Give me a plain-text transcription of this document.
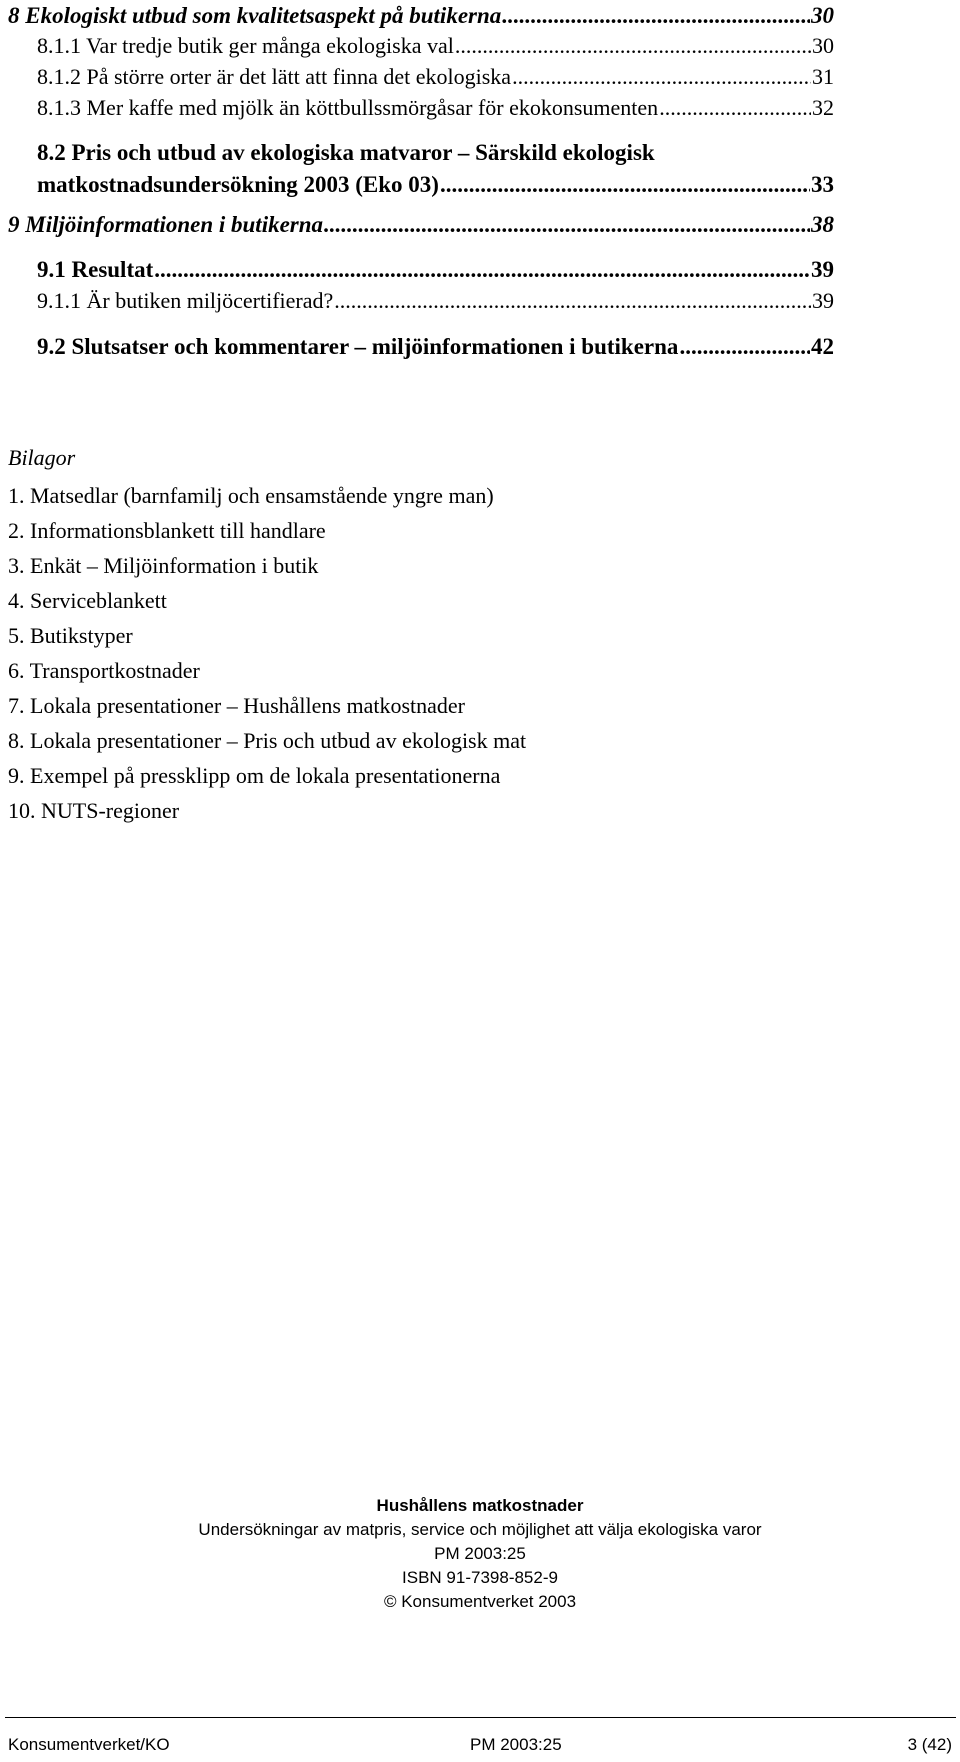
8 Ekologiskt utbud som kvalitetsaspekt på butikerna .....	30
8.1.1 Var tredje butik ger många ekologiska val .....	30
8.1.2 På större orter är det lätt att finna det ekologiska .....	31
8.1.3 Mer kaffe med mjölk än köttbullssmörgåsar för ekokonsumenten .....	32
8.2 Pris och utbud av ekologiska matvaror – Särskild ekologisk
matkostnadsundersökning 2003 (Eko 03) .....	33
9 Miljöinformationen i butikerna .....	38
9.1 Resultat .....	39
9.1.1 Är butiken miljöcertifierad? .....	39
9.2 Slutsatser och kommentarer – miljöinformationen i butikerna .....	42
Bilagor
1. Matsedlar (barnfamilj och ensamstående yngre man)
2. Informationsblankett till handlare
3. Enkät – Miljöinformation i butik
4. Serviceblankett
5. Butikstyper
6. Transportkostnader
7. Lokala presentationer – Hushållens matkostnader
8. Lokala presentationer – Pris och utbud av ekologisk mat
9. Exempel på pressklipp om de lokala presentationerna
10. NUTS-regioner
Hushållens matkostnader
Undersökningar av matpris, service och möjlighet att välja ekologiska varor
PM 2003:25
ISBN 91-7398-852-9
© Konsumentverket 2003
Konsumentverket/KO	PM 2003:25	3 (42)
